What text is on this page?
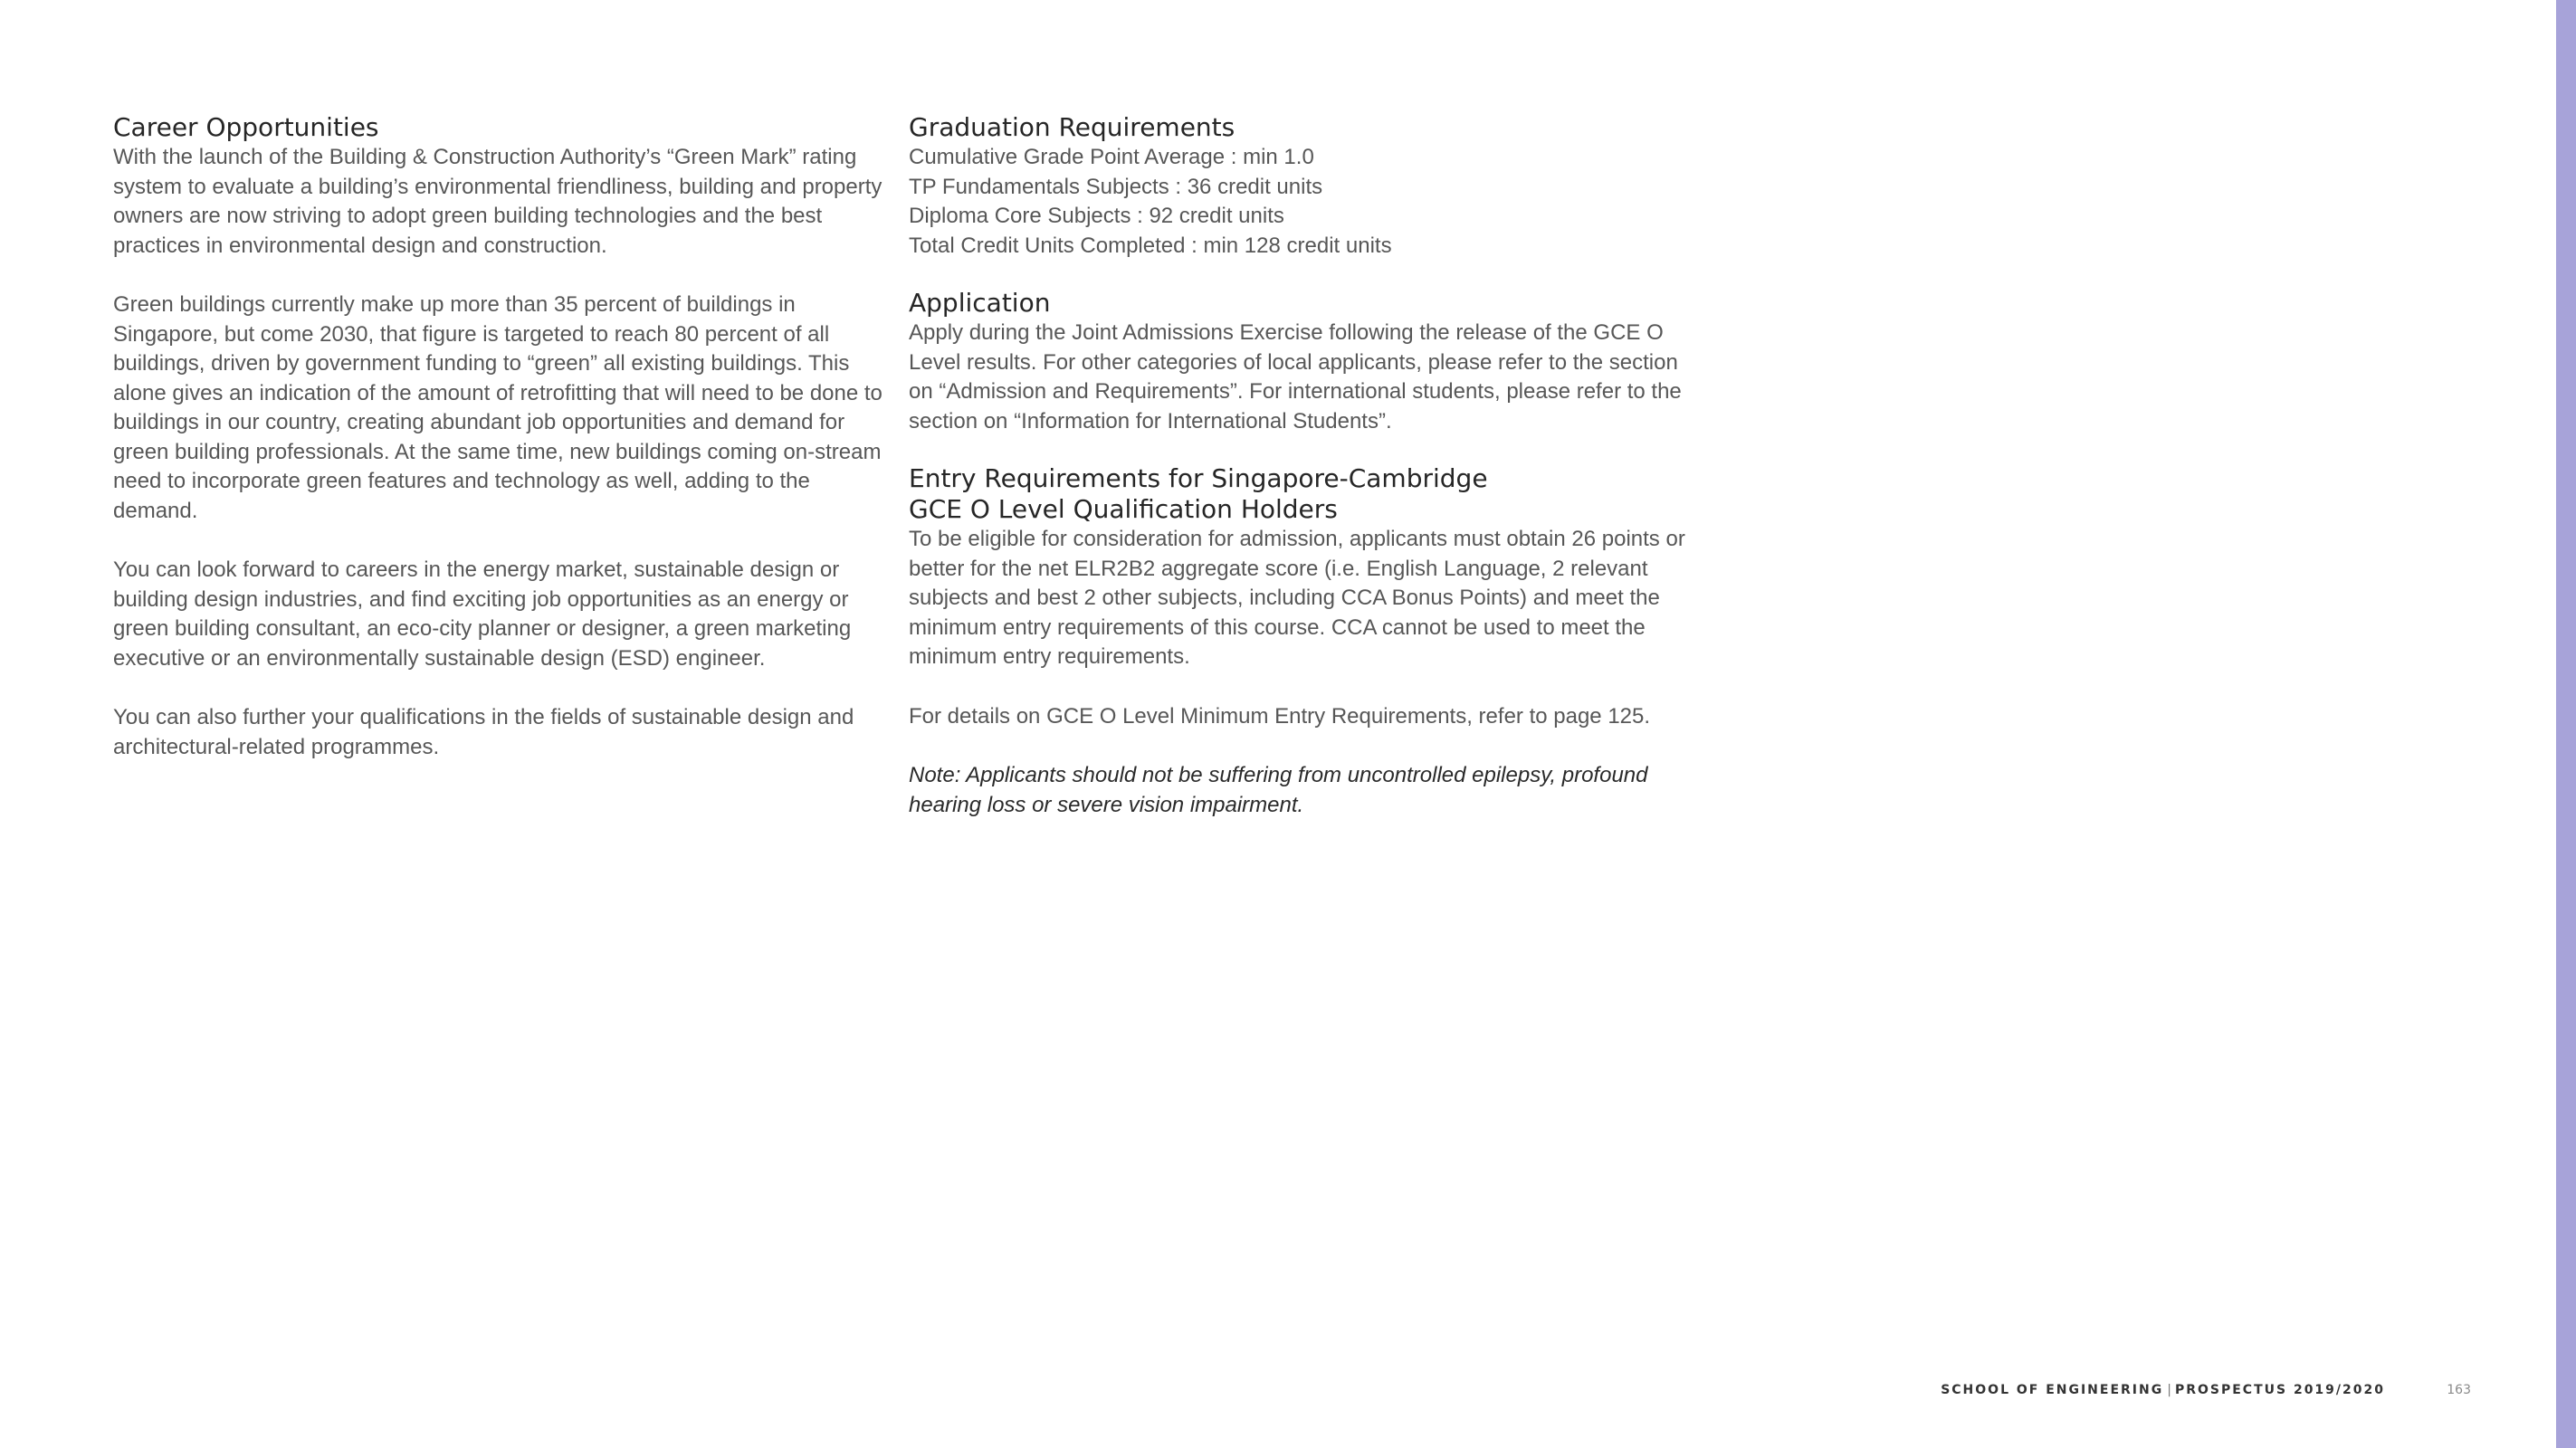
Career Opportunities

With the launch of the Building & Construction Authority’s “Green Mark” rating system to evaluate a building’s environmental friendliness, building and property owners are now striving to adopt green building technologies and the best practices in environmental design and construction.

Green buildings currently make up more than 35 percent of buildings in Singapore, but come 2030, that figure is targeted to reach 80 percent of all buildings, driven by government funding to “green” all existing buildings. This alone gives an indication of the amount of retrofitting that will need to be done to buildings in our country, creating abundant job opportunities and demand for green building professionals. At the same time, new buildings coming on-stream need to incorporate green features and technology as well, adding to the demand.

You can look forward to careers in the energy market, sustainable design or building design industries, and find exciting job opportunities as an energy or green building consultant, an eco-city planner or designer, a green marketing executive or an environmentally sustainable design (ESD) engineer.

You can also further your qualifications in the fields of sustainable design and architectural-related programmes.

Graduation Requirements

Cumulative Grade Point Average : min 1.0
TP Fundamentals Subjects : 36 credit units
Diploma Core Subjects : 92 credit units
Total Credit Units Completed : min 128 credit units

Application

Apply during the Joint Admissions Exercise following the release of the GCE O Level results. For other categories of local applicants, please refer to the section on “Admission and Requirements”. For international students, please refer to the section on “Information for International Students”.

Entry Requirements for Singapore-Cambridge
GCE O Level Qualification Holders

To be eligible for consideration for admission, applicants must obtain 26 points or better for the net ELR2B2 aggregate score (i.e. English Language, 2 relevant subjects and best 2 other subjects, including CCA Bonus Points) and meet the minimum entry requirements of this course. CCA cannot be used to meet the minimum entry requirements.

For details on GCE O Level Minimum Entry Requirements, refer to page 125.

Note: Applicants should not be suffering from uncontrolled epilepsy, profound hearing loss or severe vision impairment.

SCHOOL OF ENGINEERING | PROSPECTUS 2019/2020	163
